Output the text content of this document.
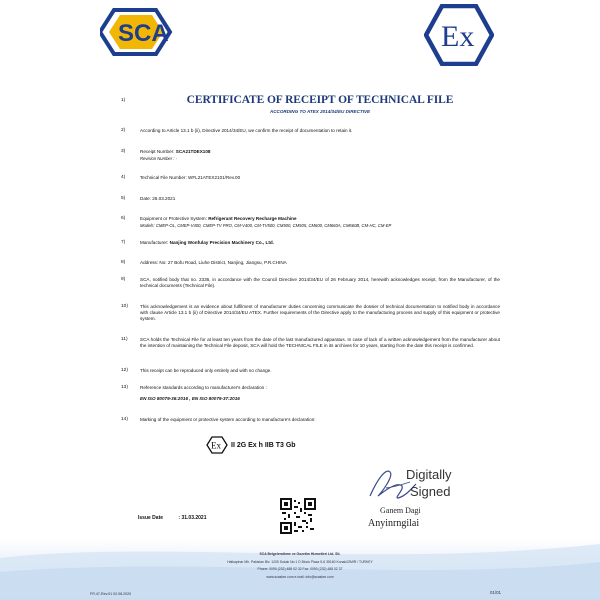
SCA	Ex
1)	CERTIFICATE OF RECEIPT OF TECHNICAL FILE
ACCORDING TO ATEX 2014/34/EU DIRECTIVE
2)	According to Article 13.1 b (ii), Directive 2014/34/EU, we confirm the receipt of documentation to retain it.
3)	Receipt Number: SCA21TDEX108
Revision Number : -
4)	Technical File Number: WFL21ATEX2101/Rev.00
5)	Date: 26.03.2021
6)	Equipment or Protective System: Refrigerant Recovery Recharge Machine
Models: CMEP-OL, CMEP-V400, CMEP-TV PRO, CM-V400, CM-TV500, CM500, CM505, CM600, CM660A, CM660B, CM-HC, CM-EP
7)	Manufacturer: Nanjing Wonfulay Precision Machinery Co., Ltd.
8)	Address: No: 27 Bofu Road, Liuhe District, Nanjing, Jiangsu, P.R.CHINA
9)	SCA, notified body that no. 2336, in accordance with the Council Directive 2014/34/EU of 26 February 2014, herewith acknowledges receipt, from the Manufacturer, of the technical documents (Technical File).
10)	This acknowledgement is an evidence about fulfilment of manufacturer duties concerning communicate the dossier of technical documentation to notified body in accordance with clause Article 13.1 b (ii) of Directive 2014/34/EU ATEX. Further requirements of the Directive apply to the manufacturing process and supply of this equipment or protective system.
11)	SCA holds the Technical File for at least ten years from the date of the last manufactured apparatus. In case of lack of a written acknowledgement from the manufacturer about the intention of maintaining the Technical File deposit, SCA will hold the TECHNICAL FILE in its archives for 10 years, starting from the date this receipt is confirmed.
12)	This receipt can be reproduced only entirely and with no change.
13)	Reference standards according to manufacturer's declaration :
EN ISO 80079-36:2016 , EN ISO 80079-37:2016
14)	Marking of the equipment or protective system according to manufacture's declaration:
Ex II 2G Ex h IIB T3 Gb
Digitally
Signed
Issue Date	: 31.03.2021
Ganem Dagi
Anyinrngilai
SCA Belgelendirme ve Gozetim Hizmetleri Ltd. Sti.
Halkapinar Mh. Pakistan Blv. 1205 Sokak No:1 D Block Plaza 5-6 35160 Konak/IZMIR / TURKEY
Phone: 0090 (232) 488 02 32 Fax: 0090 (232) 488 02 37
www.scasbm.com e-mail: info@scasbm.com
FR.47-Rev.01 02.08.2020	01/01
